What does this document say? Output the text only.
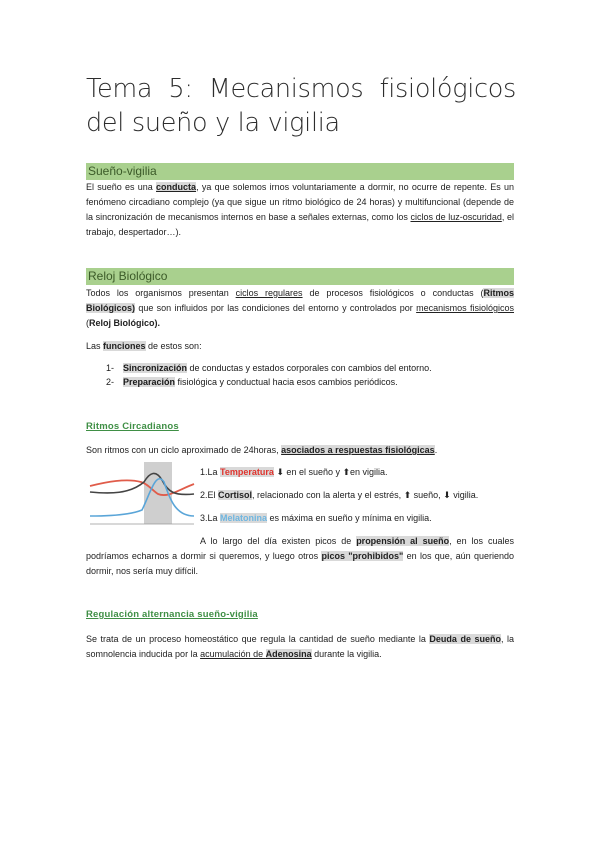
Tema 5: Mecanismos fisiológicos del sueño y la vigilia
Sueño-vigilia
El sueño es una conducta, ya que solemos irnos voluntariamente a dormir, no ocurre de repente. Es un fenómeno circadiano complejo (ya que sigue un ritmo biológico de 24 horas) y multifuncional (depende de la sincronización de mecanismos internos en base a señales externas, como los ciclos de luz-oscuridad, el trabajo, despertador…).
Reloj Biológico
Todos los organismos presentan ciclos regulares de procesos fisiológicos o conductas (Ritmos Biológicos) que son influidos por las condiciones del entorno y controlados por mecanismos fisiológicos (Reloj Biológico).
Las funciones de estos son:
1- Sincronización de conductas y estados corporales con cambios del entorno.
2- Preparación fisiológica y conductual hacia esos cambios periódicos.
Ritmos Circadianos
Son ritmos con un ciclo aproximado de 24horas, asociados a respuestas fisiológicas.
1.La Temperatura ⬇ en el sueño y ⬆en vigilia.
2.El Cortisol, relacionado con la alerta y el estrés, ⬆ sueño, ⬇ vigilia.
3.La Melatonina es máxima en sueño y mínima en vigilia.
A lo largo del día existen picos de propensión al sueño, en los cuales podríamos echarnos a dormir si queremos, y luego otros picos "prohibidos" en los que, aún queriendo dormir, nos sería muy difícil.
Regulación alternancia sueño-vigilia
Se trata de un proceso homeostático que regula la cantidad de sueño mediante la Deuda de sueño, la somnolencia inducida por la acumulación de Adenosina durante la vigilia.
